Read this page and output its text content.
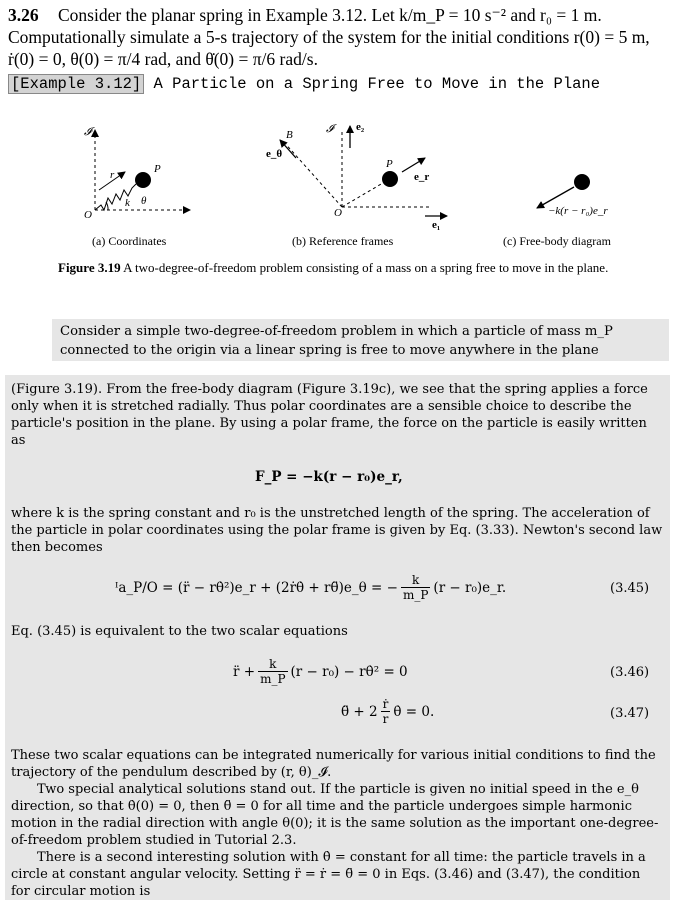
3.26 Consider the planar spring in Example 3.12. Let k/m_P = 10 s⁻² and r₀ = 1 m. Computationally simulate a 5-s trajectory of the system for the initial conditions r(0) = 5 m, ṙ(0) = 0, θ(0) = π/4 rad, and θ̇(0) = π/6 rad/s.
[Example 3.12] A Particle on a Spring Free to Move in the Plane
𝓘
P
O
r
k θ
𝓘
B
e₂
e_θ
P
e_r
O
e₁
−k(r − r₀)e_r
(a) Coordinates	(b) Reference frames	(c) Free-body diagram
Figure 3.19 A two-degree-of-freedom problem consisting of a mass on a spring free to move in the plane.
Consider a simple two-degree-of-freedom problem in which a particle of mass m_P connected to the origin via a linear spring is free to move anywhere in the plane
(Figure 3.19). From the free-body diagram (Figure 3.19c), we see that the spring applies a force only when it is stretched radially. Thus polar coordinates are a sensible choice to describe the particle's position in the plane. By using a polar frame, the force on the particle is easily written as
F_P = −k(r − r₀)e_r,
where k is the spring constant and r₀ is the unstretched length of the spring. The acceleration of the particle in polar coordinates using the polar frame is given by Eq. (3.33). Newton's second law then becomes
ᴵa_P/O = (r̈ − rθ̇²)e_r + (2ṙθ̇ + rθ̈)e_θ = − $\frac{k}{m\_P} (r$ − r₀)e_r.	(3.45)
Eq. (3.45) is equivalent to the two scalar equations
r̈ + $\frac{k}{m\_P} (r - r_0)$ − rθ̇² = 0	(3.46)
θ̈ + $2 \frac{\text{ṙ}}{r}$ θ̇ = 0.	(3.47)
These two scalar equations can be integrated numerically for various initial conditions to find the trajectory of the pendulum described by (r, θ)_𝓘.
Two special analytical solutions stand out. If the particle is given no initial speed in the e_θ direction, so that θ̇(0) = 0, then θ̈ = 0 for all time and the particle undergoes simple harmonic motion in the radial direction with angle θ(0); it is the same solution as the important one-degree-of-freedom problem studied in Tutorial 2.3.
There is a second interesting solution with θ̇ = constant for all time: the particle travels in a circle at constant angular velocity. Setting r̈ = ṙ = θ̈ = 0 in Eqs. (3.46) and (3.47), the condition for circular motion is
